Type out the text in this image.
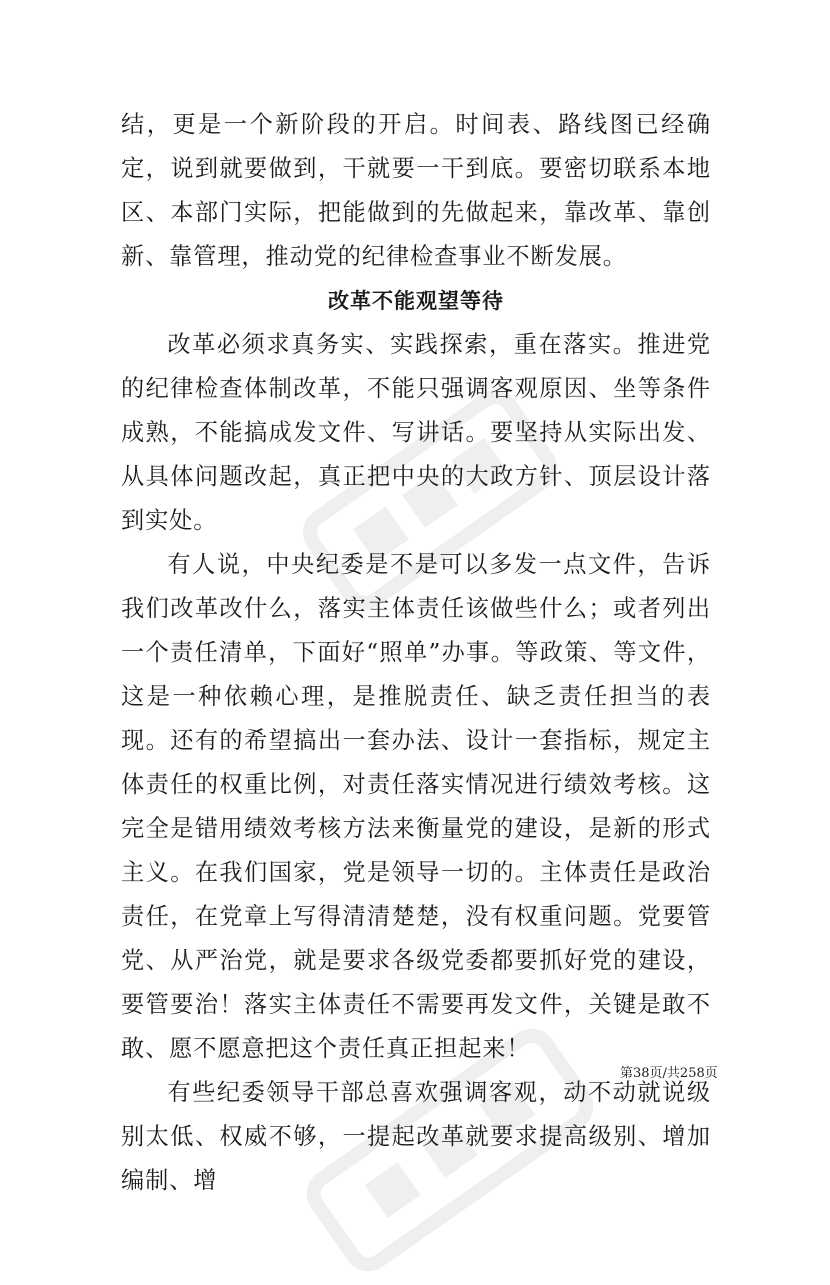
结，更是一个新阶段的开启。时间表、路线图已经确定，说到就要做到，干就要一干到底。要密切联系本地区、本部门实际，把能做到的先做起来，靠改革、靠创新、靠管理，推动党的纪律检查事业不断发展。

改革不能观望等待

改革必须求真务实、实践探索，重在落实。推进党的纪律检查体制改革，不能只强调客观原因、坐等条件成熟，不能搞成发文件、写讲话。要坚持从实际出发、从具体问题改起，真正把中央的大政方针、顶层设计落到实处。

有人说，中央纪委是不是可以多发一点文件，告诉我们改革改什么，落实主体责任该做些什么；或者列出一个责任清单，下面好“照单”办事。等政策、等文件，这是一种依赖心理，是推脱责任、缺乏责任担当的表现。还有的希望搞出一套办法、设计一套指标，规定主体责任的权重比例，对责任落实情况进行绩效考核。这完全是错用绩效考核方法来衡量党的建设，是新的形式主义。在我们国家，党是领导一切的。主体责任是政治责任，在党章上写得清清楚楚，没有权重问题。党要管党、从严治党，就是要求各级党委都要抓好党的建设，要管要治！落实主体责任不需要再发文件，关键是敢不敢、愿不愿意把这个责任真正担起来！

有些纪委领导干部总喜欢强调客观，动不动就说级别太低、权威不够，一提起改革就要求提高级别、增加编制、增

第38页/共258页
